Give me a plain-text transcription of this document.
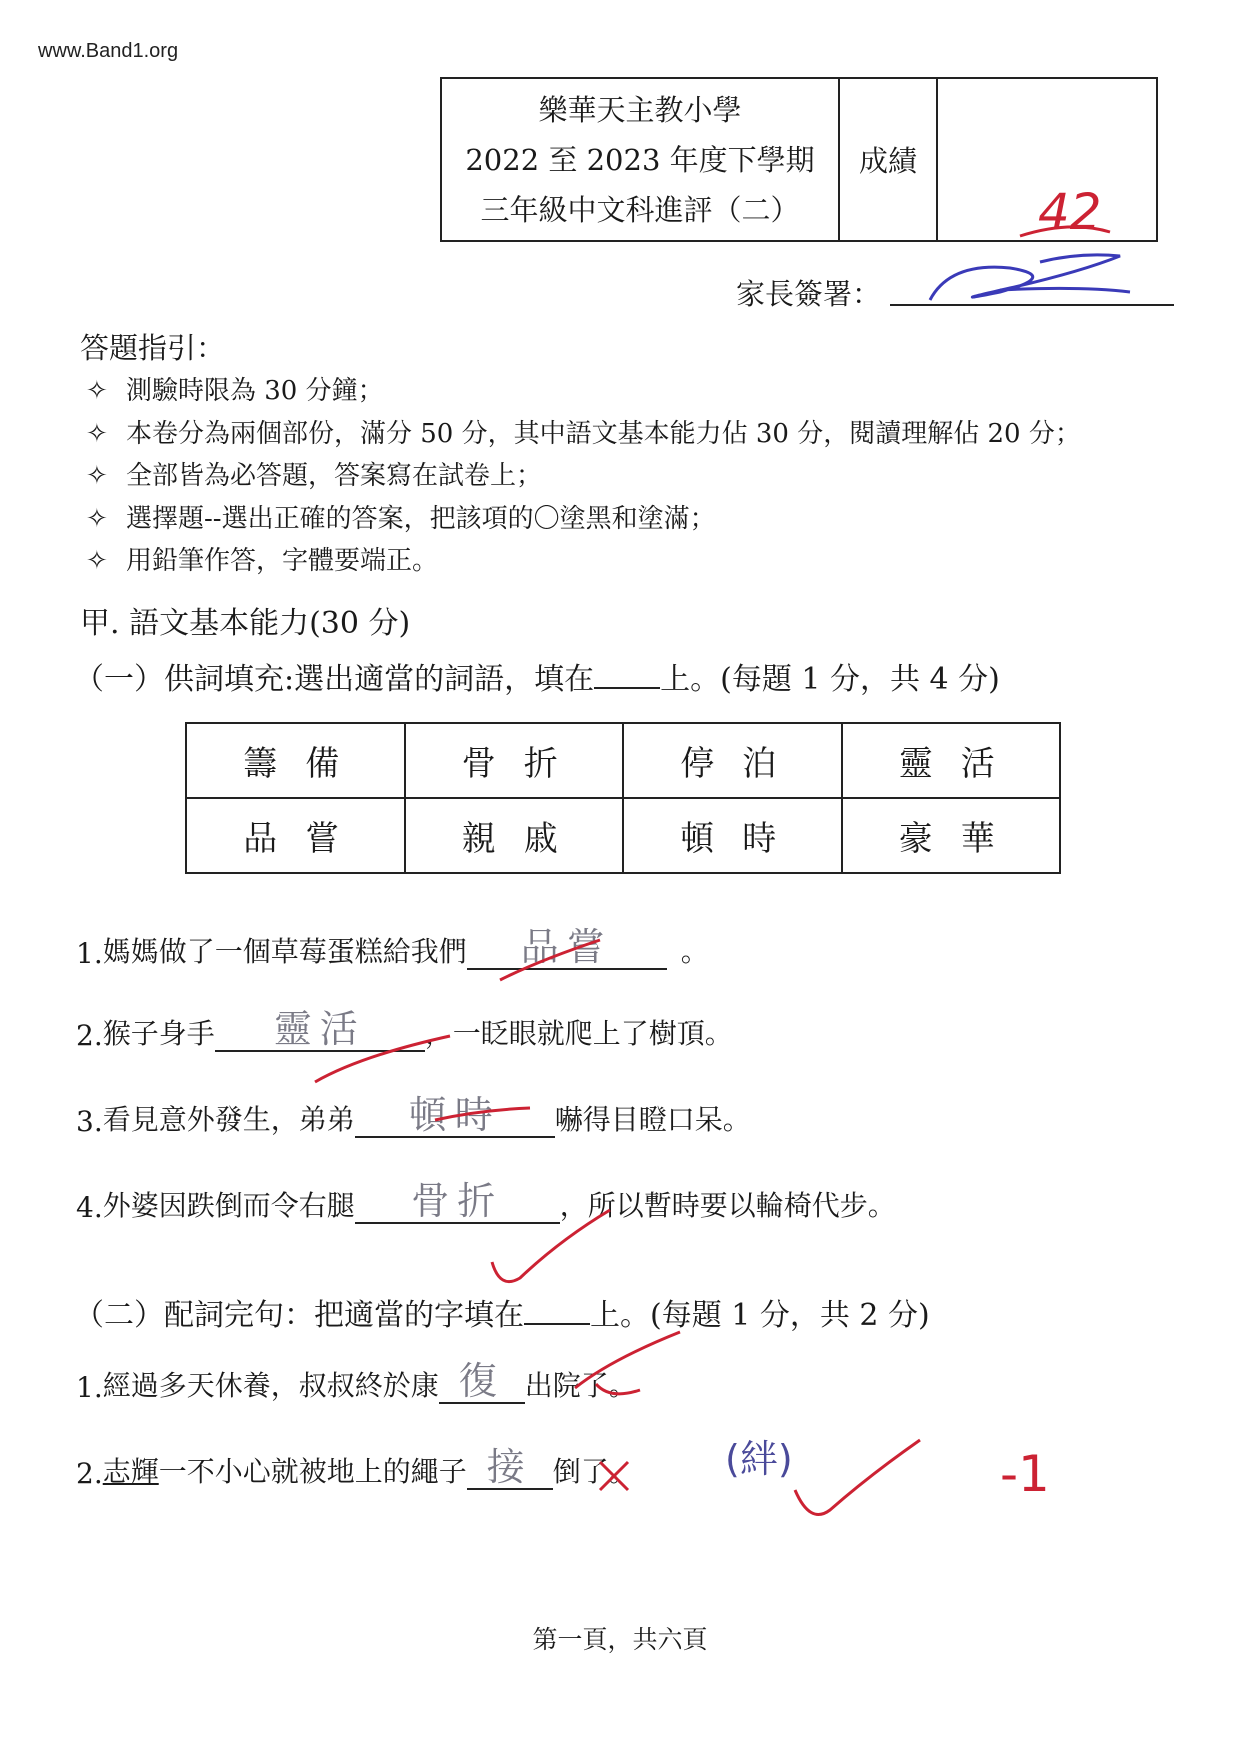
www.Band1.org
樂華天主教小學
2022 至 2023 年度下學期
三年級中文科進評（二）
成績
42
家長簽署：
答題指引：
✧ 測驗時限為 30 分鐘；
✧ 本卷分為兩個部份，滿分 50 分，其中語文基本能力佔 30 分，閱讀理解佔 20 分；
✧ 全部皆為必答題，答案寫在試卷上；
✧ 選擇題--選出正確的答案，把該項的〇塗黑和塗滿；
✧ 用鉛筆作答，字體要端正。
甲. 語文基本能力(30 分)
（一）供詞填充:選出適當的詞語，填在 上。(每題 1 分，共 4 分)
籌備	骨折	停泊	靈活
品嘗	親戚	頓時	豪華
1. 媽媽做了一個草莓蛋糕給我們	品嘗	。
2. 猴子身手	靈活	，一眨眼就爬上了樹頂。
3. 看見意外發生，弟弟	頓時	嚇得目瞪口呆。
4. 外婆因跌倒而令右腿	骨折	，所以暫時要以輪椅代步。
（二）配詞完句：把適當的字填在 上。(每題 1 分，共 2 分)
1. 經過多天休養，叔叔終於康 復 出院了。
2. 志輝 一不小心就被地上的繩子 接 倒了。 (絆)	-1
第一頁，共六頁
